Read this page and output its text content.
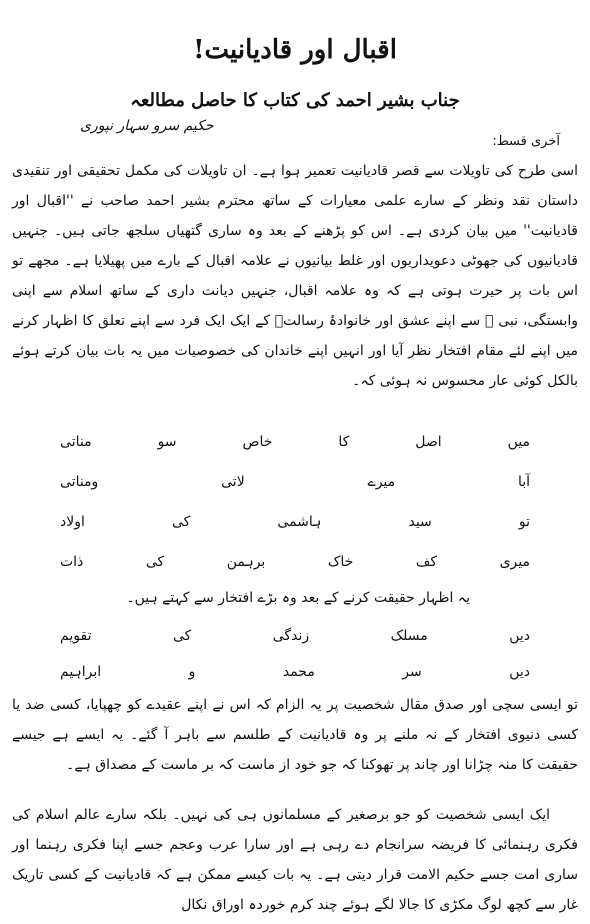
اقبال اور قادیانیت!
جناب بشیر احمد کی کتاب کا حاصل مطالعہ
حکیم سرو سہار نپوری
آخری قسط:

اسی طرح کی تاویلات سے قصر قادیانیت تعمیر ہوا ہے۔ ان تاویلات کی مکمل تحقیقی اور تنقیدی داستان نقد ونظر کے سارے علمی معیارات کے ساتھ محترم بشیر احمد صاحب نے ''اقبال اور قادیانیت'' میں بیان کردی ہے۔ اس کو پڑھنے کے بعد وہ ساری گتھیاں سلجھ جاتی ہیں۔ جنہیں قادیانیوں کی جھوٹی دعویداریوں اور غلط بیانیوں نے علامہ اقبال کے بارے میں پھیلایا ہے۔ مجھے تو اس بات پر حیرت ہوتی ہے کہ وہ علامہ اقبال، جنہیں دیانت داری کے ساتھ اسلام سے اپنی وابستگی، نبی ﷺ سے اپنے عشق اور خانوادۂ رسالتؐ کے ایک ایک فرد سے اپنے تعلق کا اظہار کرنے میں اپنے لئے مقام افتخار نظر آیا اور انہیں اپنے خاندان کی خصوصیات میں یہ بات بیان کرتے ہوئے بالکل کوئی عار محسوس نہ ہوئی کہ۔

میں
اصل
کا
خاص
سو
مناتی
آبا
میرے
لاتی
ومناتی
تو
سید
ہاشمی
کی
اولاد
میری
کف
خاک
برہمن
کی
ذات
یہ اظہار حقیقت کرنے کے بعد وہ بڑے افتخار سے کہتے ہیں۔
دیں
مسلک
زندگی
کی
تقویم
دیں
سر
محمد
و
ابراہیم

تو ایسی سچی اور صدق مقال شخصیت پر یہ الزام کہ اس نے اپنے عقیدے کو چھپایا، کسی ضد یا کسی دنیوی افتخار کے نہ ملنے پر وہ قادیانیت کے طلسم سے باہر آ گئے۔ یہ ایسے ہے جیسے حقیقت کا منہ چڑانا اور چاند پر تھوکنا کہ جو خود از ماست کہ بر ماست کے مصداق ہے۔

ایک ایسی شخصیت کو جو برصغیر کے مسلمانوں ہی کی نہیں۔ بلکہ سارے عالم اسلام کی فکری رہنمائی کا فریضہ سرانجام دے رہی ہے اور سارا عرب وعجم جسے اپنا فکری رہنما اور ساری امت جسے حکیم الامت قرار دیتی ہے۔ یہ بات کیسے ممکن ہے کہ قادیانیت کے کسی تاریک غار سے کچھ لوگ مکڑی کا جالا لگے ہوئے چند کرم خوردہ اوراق نکال
